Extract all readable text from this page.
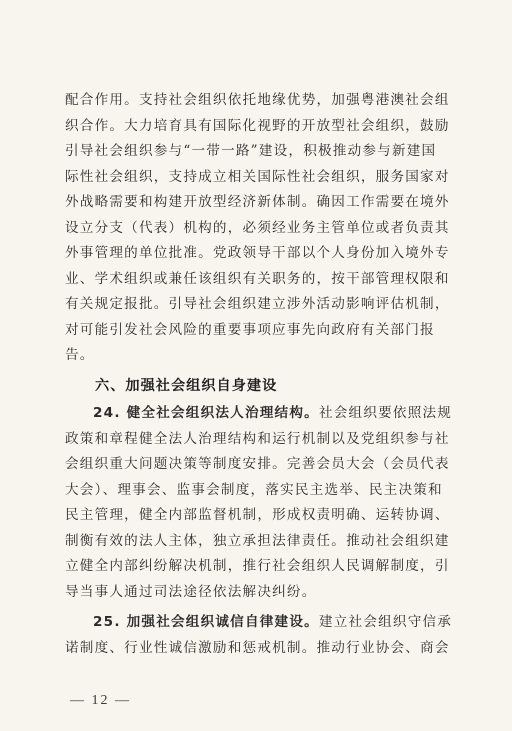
配合作用。支持社会组织依托地缘优势，加强粤港澳社会组
织合作。大力培育具有国际化视野的开放型社会组织，鼓励
引导社会组织参与“一带一路”建设，积极推动参与新建国
际性社会组织，支持成立相关国际性社会组织，服务国家对
外战略需要和构建开放型经济新体制。确因工作需要在境外
设立分支（代表）机构的，必须经业务主管单位或者负责其
外事管理的单位批准。党政领导干部以个人身份加入境外专
业、学术组织或兼任该组织有关职务的，按干部管理权限和
有关规定报批。引导社会组织建立涉外活动影响评估机制，
对可能引发社会风险的重要事项应事先向政府有关部门报
告。
六、加强社会组织自身建设
24. 健全社会组织法人治理结构。社会组织要依照法规
政策和章程健全法人治理结构和运行机制以及党组织参与社
会组织重大问题决策等制度安排。完善会员大会（会员代表
大会）、理事会、监事会制度，落实民主选举、民主决策和
民主管理，健全内部监督机制，形成权责明确、运转协调、
制衡有效的法人主体，独立承担法律责任。推动社会组织建
立健全内部纠纷解决机制，推行社会组织人民调解制度，引
导当事人通过司法途径依法解决纠纷。
25. 加强社会组织诚信自律建设。建立社会组织守信承
诺制度、行业性诚信激励和惩戒机制。推动行业协会、商会
— 12 —
